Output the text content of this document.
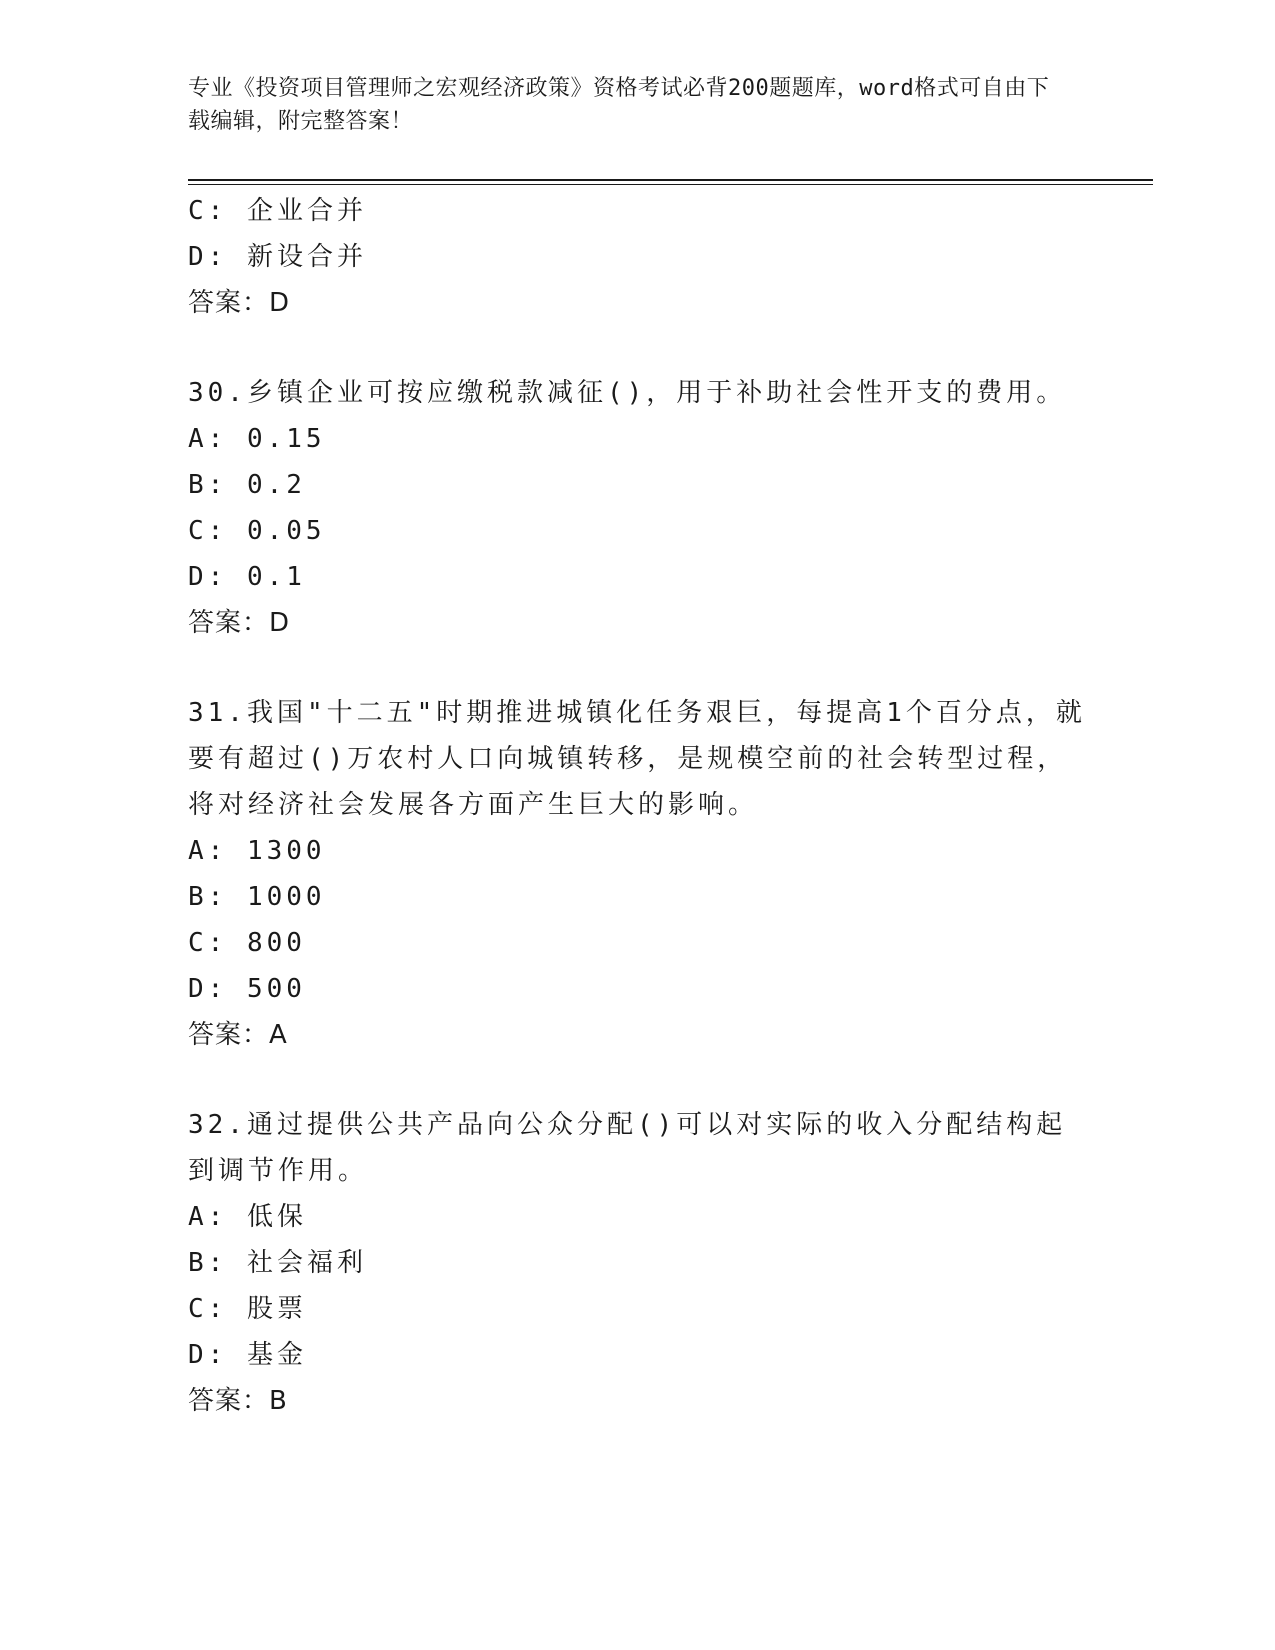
专业《投资项目管理师之宏观经济政策》资格考试必背200题题库，word格式可自由下载编辑，附完整答案！
C: 企业合并
D: 新设合并
答案：D
30.乡镇企业可按应缴税款减征()，用于补助社会性开支的费用。
A: 0.15
B: 0.2
C: 0.05
D: 0.1
答案：D
31.我国"十二五"时期推进城镇化任务艰巨，每提高1个百分点，就要有超过()万农村人口向城镇转移，是规模空前的社会转型过程，将对经济社会发展各方面产生巨大的影响。
A: 1300
B: 1000
C: 800
D: 500
答案：A
32.通过提供公共产品向公众分配()可以对实际的收入分配结构起到调节作用。
A: 低保
B: 社会福利
C: 股票
D: 基金
答案：B
